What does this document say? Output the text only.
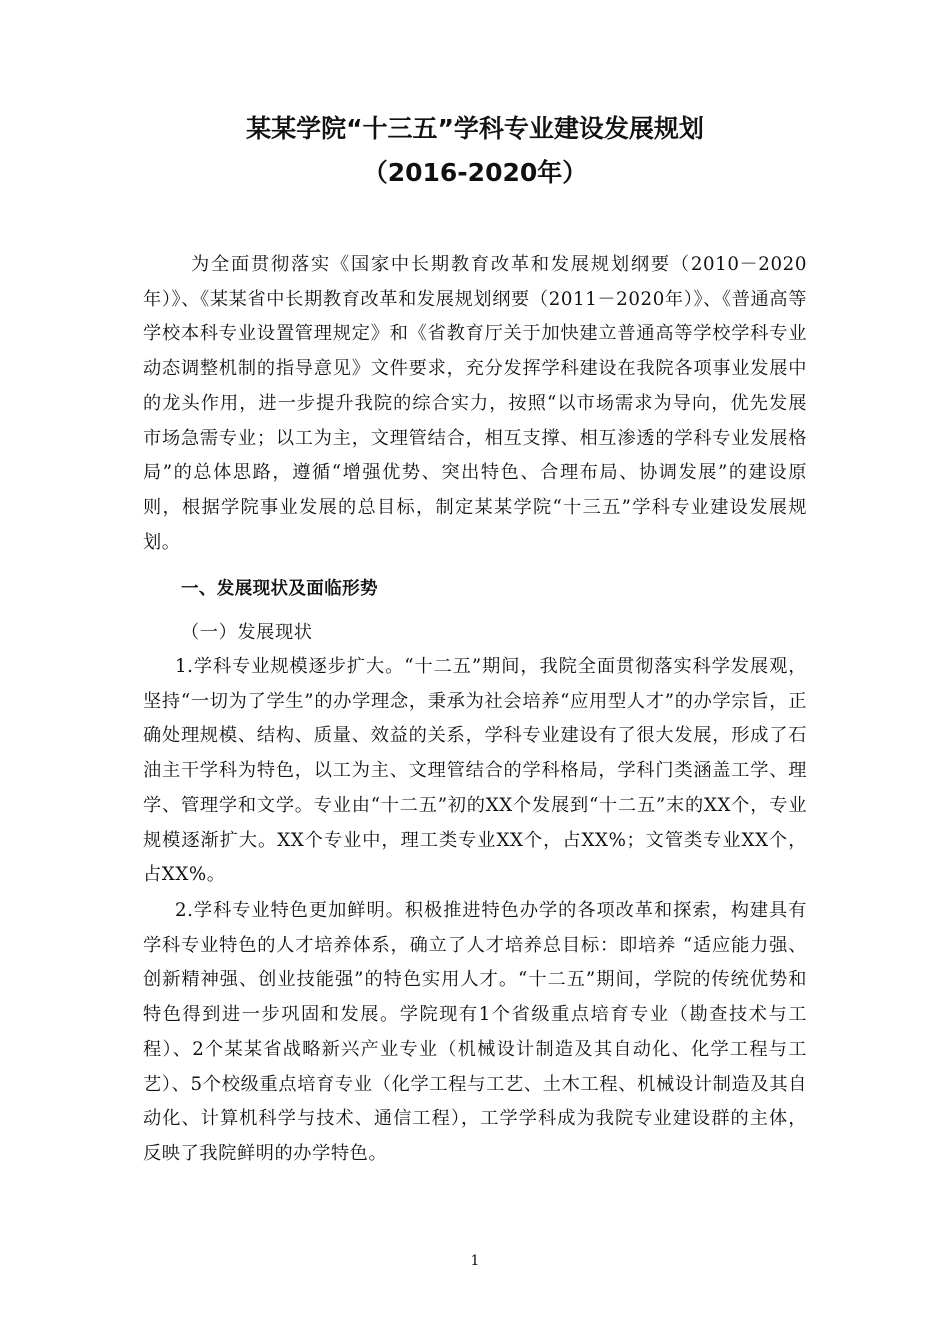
某某学院“十三五”学科专业建设发展规划
（2016-2020年）

为全面贯彻落实《国家中长期教育改革和发展规划纲要（2010－2020年）》、《某某省中长期教育改革和发展规划纲要（2011－2020年）》、《普通高等学校本科专业设置管理规定》和《省教育厅关于加快建立普通高等学校学科专业动态调整机制的指导意见》文件要求，充分发挥学科建设在我院各项事业发展中的龙头作用，进一步提升我院的综合实力，按照“以市场需求为导向，优先发展市场急需专业；以工为主，文理管结合，相互支撑、相互渗透的学科专业发展格局”的总体思路，遵循“增强优势、突出特色、合理布局、协调发展”的建设原则，根据学院事业发展的总目标，制定某某学院“十三五”学科专业建设发展规划。

一、发展现状及面临形势
（一）发展现状

1.学科专业规模逐步扩大。“十二五”期间，我院全面贯彻落实科学发展观，坚持“一切为了学生”的办学理念，秉承为社会培养“应用型人才”的办学宗旨，正确处理规模、结构、质量、效益的关系，学科专业建设有了很大发展，形成了石油主干学科为特色，以工为主、文理管结合的学科格局，学科门类涵盖工学、理学、管理学和文学。专业由“十二五”初的XX个发展到“十二五”末的XX个，专业规模逐渐扩大。XX个专业中，理工类专业XX个，占XX%；文管类专业XX个，占XX%。

2.学科专业特色更加鲜明。积极推进特色办学的各项改革和探索，构建具有学科专业特色的人才培养体系，确立了人才培养总目标：即培养 “适应能力强、创新精神强、创业技能强”的特色实用人才。“十二五”期间，学院的传统优势和特色得到进一步巩固和发展。学院现有1个省级重点培育专业（勘查技术与工程）、2个某某省战略新兴产业专业（机械设计制造及其自动化、化学工程与工艺）、5个校级重点培育专业（化学工程与工艺、土木工程、机械设计制造及其自动化、计算机科学与技术、通信工程），工学学科成为我院专业建设群的主体，反映了我院鲜明的办学特色。

1
